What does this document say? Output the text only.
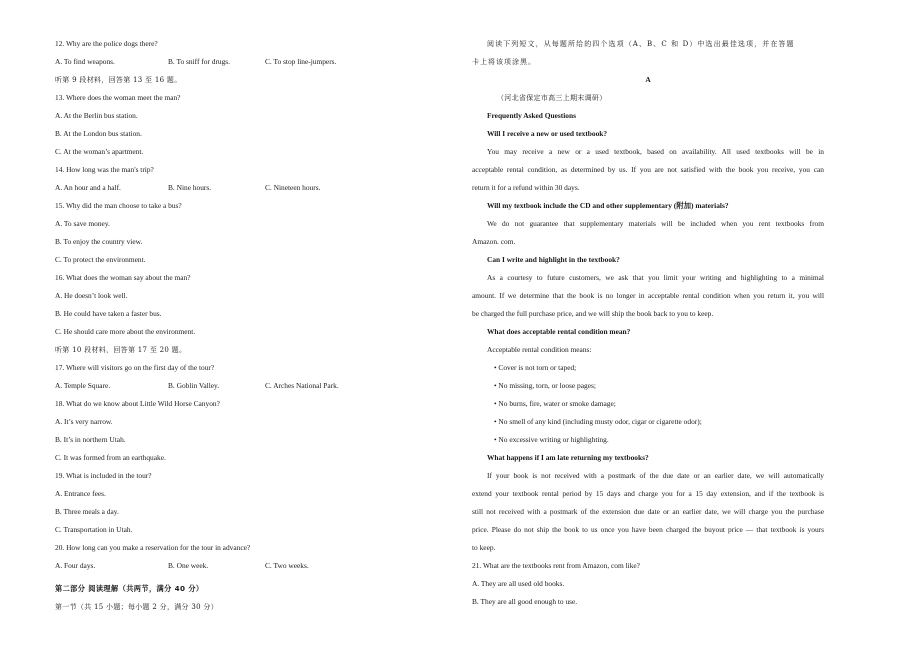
12. Why are the police dogs there?
A. To find weapons.	B. To sniff for drugs.	C. To stop line-jumpers.
听第 9 段材料，回答第 13 至 16 题。
13. Where does the woman meet the man?
A. At the Berlin bus station.
B. At the London bus station.
C. At the woman’s apartment.
14. How long was the man's trip?
A. An hour and a half.	B. Nine hours.	C. Nineteen hours.
15. Why did the man choose to take a bus?
A. To save money.
B. To enjoy the country view.
C. To protect the environment.
16. What does the woman say about the man?
A. He doesn’t look well.
B. He could have taken a faster bus.
C. He should care more about the environment.
听第 10 段材料，回答第 17 至 20 题。
17. Where will visitors go on the first day of the tour?
A. Temple Square.	B. Goblin Valley.	C. Arches National Park.
18. What do we know about Little Wild Horse Canyon?
A. It’s very narrow.
B. It’s in northern Utah.
C. It was formed from an earthquake.
19. What is included in the tour?
A. Entrance fees.
B. Three meals a day.
C. Transportation in Utah.
20. How long can you make a reservation for the tour in advance?
A. Four days.	B. One week.	C. Two weeks.
第二部分 阅读理解（共两节，满分 40 分）
第一节（共 15 小题；每小题 2 分，满分 30 分）
阅读下列短文，从每题所给的四个选项（A、B、C 和 D）中选出最佳选项，并在答题
卡上将该项涂黑。
A
（河北省保定市高三上期末调研）
Frequently Asked Questions
Will I receive a new or used textbook?
You may receive a new or a used textbook, based on availability. All used textbooks will be in
acceptable rental condition, as determined by us. If you are not satisfied with the book you receive, you can
return it for a refund within 30 days.
Will my textbook include the CD and other supplementary (附加) materials?
We do not guarantee that supplementary materials will be included when you rent textbooks from
Amazon. com.
Can I write and highlight in the textbook?
As a courtesy to future customers, we ask that you limit your writing and highlighting to a minimal
amount. If we determine that the book is no longer in acceptable rental condition when you return it, you will
be charged the full purchase price, and we will ship the book back to you to keep.
What does acceptable rental condition mean?
Acceptable rental condition means:
• Cover is not torn or taped;
• No missing, torn, or loose pages;
• No burns, fire, water or smoke damage;
• No smell of any kind (including musty odor, cigar or cigarette odor);
• No excessive writing or highlighting.
What happens if I am late returning my textbooks?
If your book is not received with a postmark of the due date or an earlier date, we will automatically
extend your textbook rental period by 15 days and charge you for a 15 day extension, and if the textbook is
still not received with a postmark of the extension due date or an earlier date, we will charge you the purchase
price. Please do not ship the book to us once you have been charged the buyout price — that textbook is yours
to keep.
21. What are the textbooks rent from Amazon, com like?
A. They are all used old books.
B. They are all good enough to use.
